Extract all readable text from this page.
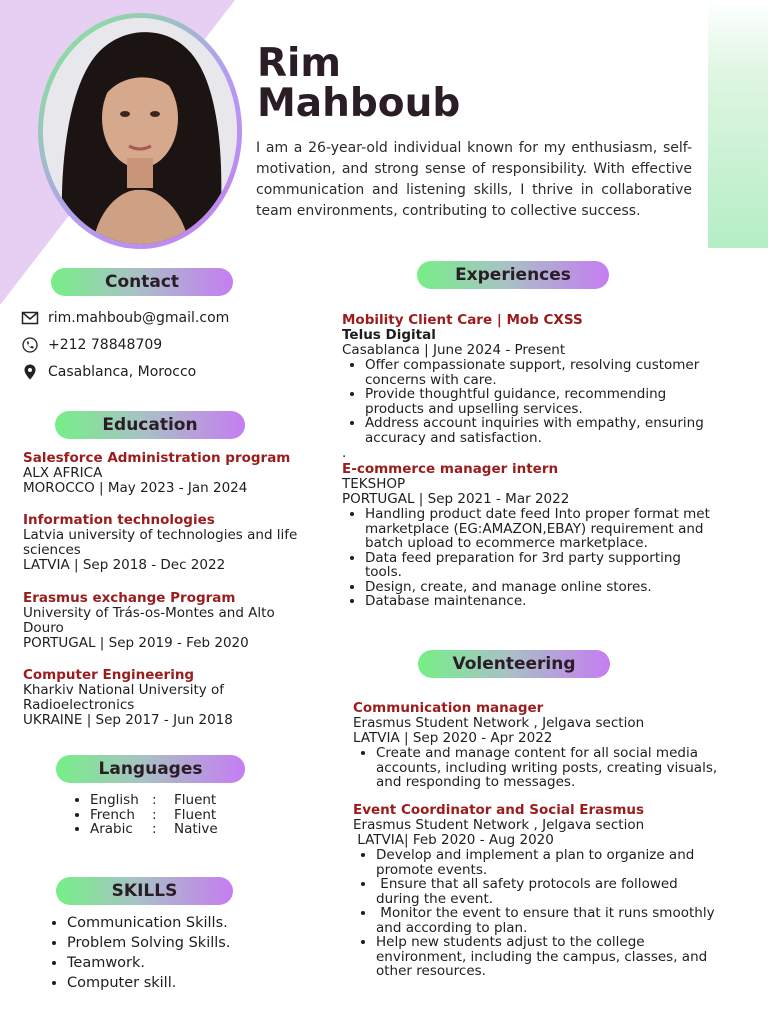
Rim
Mahboub
I am a 26-year-old individual known for my enthusiasm, self-motivation, and strong sense of responsibility. With effective communication and listening skills, I thrive in collaborative team environments, contributing to collective success.
Contact
rim.mahboub@gmail.com
+212 78848709
Casablanca, Morocco
Education
Salesforce Administration program
ALX AFRICA
MOROCCO | May 2023 - Jan 2024
Information technologies
Latvia university of technologies and life sciences
LATVIA | Sep 2018 - Dec 2022
Erasmus exchange Program
University of Trás-os-Montes and Alto Douro
PORTUGAL | Sep 2019 - Feb 2020
Computer Engineering
Kharkiv National University of Radioelectronics
UKRAINE | Sep 2017 - Jun 2018
Languages
• English : Fluent
• French : Fluent
• Arabic : Native
SKILLS
• Communication Skills.
• Problem Solving Skills.
• Teamwork.
• Computer skill.
Experiences
Mobility Client Care | Mob CXSS
Telus Digital
Casablanca | June 2024 - Present
• Offer compassionate support, resolving customer concerns with care.
• Provide thoughtful guidance, recommending products and upselling services.
• Address account inquiries with empathy, ensuring accuracy and satisfaction.
.
E-commerce manager intern
TEKSHOP
PORTUGAL | Sep 2021 - Mar 2022
• Handling product date feed Into proper format met marketplace (EG:AMAZON,EBAY) requirement and batch upload to ecommerce marketplace.
• Data feed preparation for 3rd party supporting tools.
• Design, create, and manage online stores.
• Database maintenance.
Volenteering
Communication manager
Erasmus Student Network , Jelgava section
LATVIA | Sep 2020 - Apr 2022
• Create and manage content for all social media accounts, including writing posts, creating visuals, and responding to messages.
Event Coordinator and Social Erasmus
Erasmus Student Network , Jelgava section
LATVIA| Feb 2020 - Aug 2020
• Develop and implement a plan to organize and promote events.
•  Ensure that all safety protocols are followed during the event.
•  Monitor the event to ensure that it runs smoothly and according to plan.
• Help new students adjust to the college environment, including the campus, classes, and other resources.
